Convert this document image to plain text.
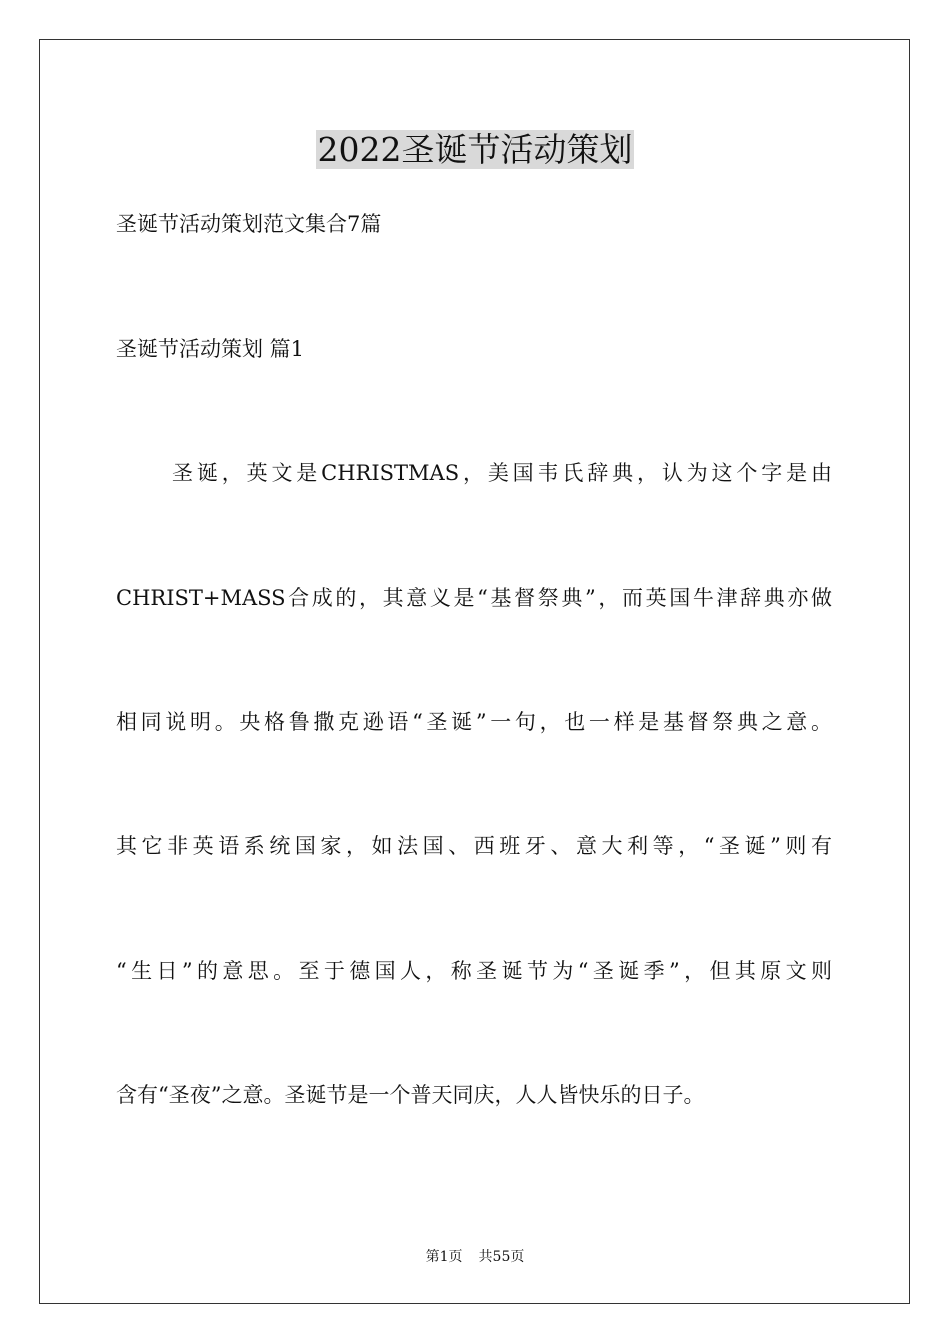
2022圣诞节活动策划
圣诞节活动策划范文集合7篇
圣诞节活动策划 篇1
圣诞，英文是CHRISTMAS，美国韦氏辞典，认为这个字是由
CHRIST+MASS合成的，其意义是“基督祭典”，而英国牛津辞典亦做
相同说明。央格鲁撒克逊语“圣诞”一句，也一样是基督祭典之意。
其它非英语系统国家，如法国、西班牙、意大利等，“圣诞”则有
“生日”的意思。至于德国人，称圣诞节为“圣诞季”，但其原文则
含有“圣夜”之意。圣诞节是一个普天同庆，人人皆快乐的日子。
第1页 共55页
